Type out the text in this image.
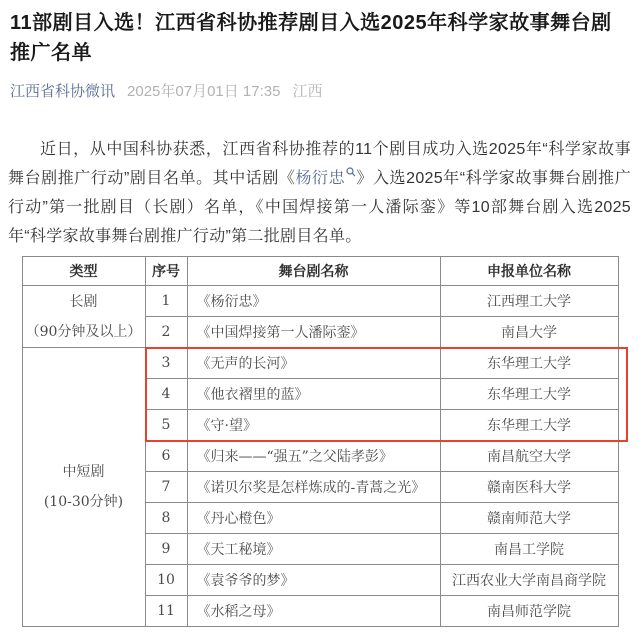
11部剧目入选！江西省科协推荐剧目入选2025年科学家故事舞台剧推广名单
江西省科协微讯 2025年07月01日 17:35 江西

近日，从中国科协获悉，江西省科协推荐的11个剧目成功入选2025年“科学家故事舞台剧推广行动”剧目名单。其中话剧《杨衍忠 》入选2025年“科学家故事舞台剧推广行动”第一批剧目（长剧）名单，《中国焊接第一人潘际銮》等10部舞台剧入选2025年“科学家故事舞台剧推广行动”第二批剧目名单。

类型	序号	舞台剧名称	申报单位名称

长剧
（90分钟及以上）	1	《杨衍忠》	江西理工大学
	2	《中国焊接第一人潘际銮》	南昌大学

中短剧
(10-30分钟)	3	《无声的长河》	东华理工大学
	4	《他衣褶里的蓝》	东华理工大学
	5	《守·望》	东华理工大学
	6	《归来——“强五”之父陆孝彭》	南昌航空大学
	7	《诺贝尔奖是怎样炼成的-青蒿之光》	赣南医科大学
	8	《丹心橙色》	赣南师范大学
	9	《天工秘境》	南昌工学院
	10	《袁爷爷的梦》	江西农业大学南昌商学院
	11	《水稻之母》	南昌师范学院
